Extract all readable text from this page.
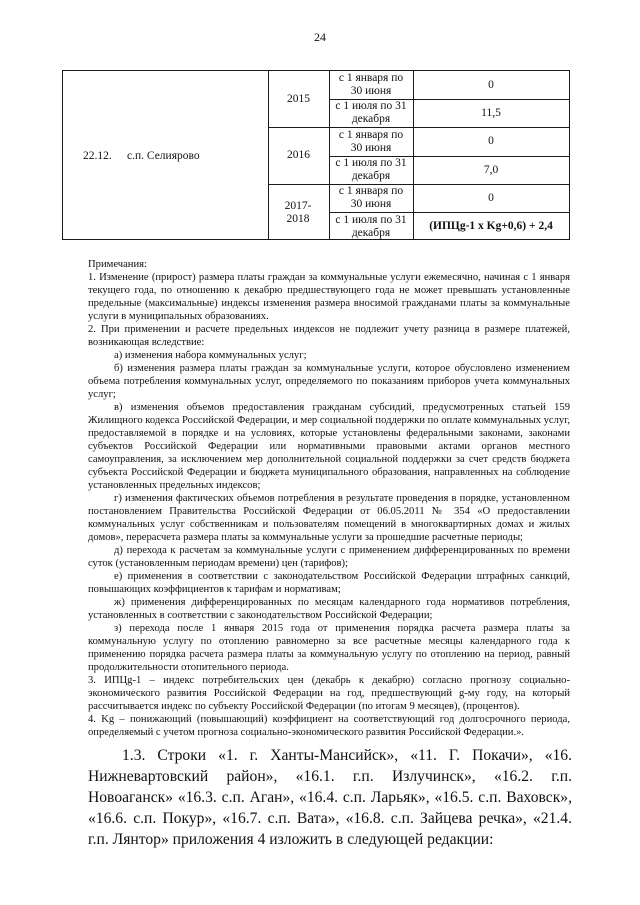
24
22.12.	с.п. Селиярово
2015
2016
2017-2018
с 1 января по 30 июня
с 1 июля по 31 декабря
с 1 января по 30 июня
с 1 июля по 31 декабря
с 1 января по 30 июня
с 1 июля по 31 декабря
0
11,5
0
7,0
0
(ИПЦg-1 х Kg+0,6) + 2,4

Примечания:

1. Изменение (прирост) размера платы граждан за коммунальные услуги ежемесячно, начиная с 1 января текущего года, по отношению к декабрю предшествующего года не может превышать установленные предельные (максимальные) индексы изменения размера вносимой гражданами платы за коммунальные услуги в муниципальных образованиях.

2. При применении и расчете предельных индексов не подлежит учету разница в размере платежей, возникающая вследствие:

а) изменения набора коммунальных услуг;

б) изменения размера платы граждан за коммунальные услуги, которое обусловлено изменением объема потребления коммунальных услуг, определяемого по показаниям приборов учета коммунальных услуг;

в) изменения объемов предоставления гражданам субсидий, предусмотренных статьей 159 Жилищного кодекса Российской Федерации, и мер социальной поддержки по оплате коммунальных услуг, предоставляемой в порядке и на условиях, которые установлены федеральными законами, законами субъектов Российской Федерации или нормативными правовыми актами органов местного самоуправления, за исключением мер дополнительной социальной поддержки за счет средств бюджета субъекта Российской Федерации и бюджета муниципального образования, направленных на соблюдение установленных предельных индексов;

г) изменения фактических объемов потребления в результате проведения в порядке, установленном постановлением Правительства Российской Федерации от 06.05.2011 № 354 «О предоставлении коммунальных услуг собственникам и пользователям помещений в многоквартирных домах и жилых домов», перерасчета размера платы за коммунальные услуги за прошедшие расчетные периоды;

д) перехода к расчетам за коммунальные услуги с применением дифференцированных по времени суток (установленным периодам времени) цен (тарифов);

е) применения в соответствии с законодательством Российской Федерации штрафных санкций, повышающих коэффициентов к тарифам и нормативам;

ж) применения дифференцированных по месяцам календарного года нормативов потребления, установленных в соответствии с законодательством Российской Федерации;

з) перехода после 1 января 2015 года от применения порядка расчета размера платы за коммунальную услугу по отоплению равномерно за все расчетные месяцы календарного года к применению порядка расчета размера платы за коммунальную услугу по отоплению на период, равный продолжительности отопительного периода.

3. ИПЦg-1 – индекс потребительских цен (декабрь к декабрю) согласно прогнозу социально-экономического развития Российской Федерации на год, предшествующий g-му году, на который рассчитывается индекс по субъекту Российской Федерации (по итогам 9 месяцев), (процентов).

4. Kg – понижающий (повышающий) коэффициент на соответствующий год долгосрочного периода, определяемый с учетом прогноза социально-экономического развития Российской Федерации.».

1.3. Строки «1. г. Ханты-Мансийск», «11. Г. Покачи», «16. Нижневартовский район», «16.1. г.п. Излучинск», «16.2. г.п. Новоаганск» «16.3. с.п. Аган», «16.4. с.п. Ларьяк», «16.5. с.п. Ваховск», «16.6. с.п. Покур», «16.7. с.п. Вата», «16.8. с.п. Зайцева речка», «21.4. г.п. Лянтор» приложения 4 изложить в следующей редакции:
